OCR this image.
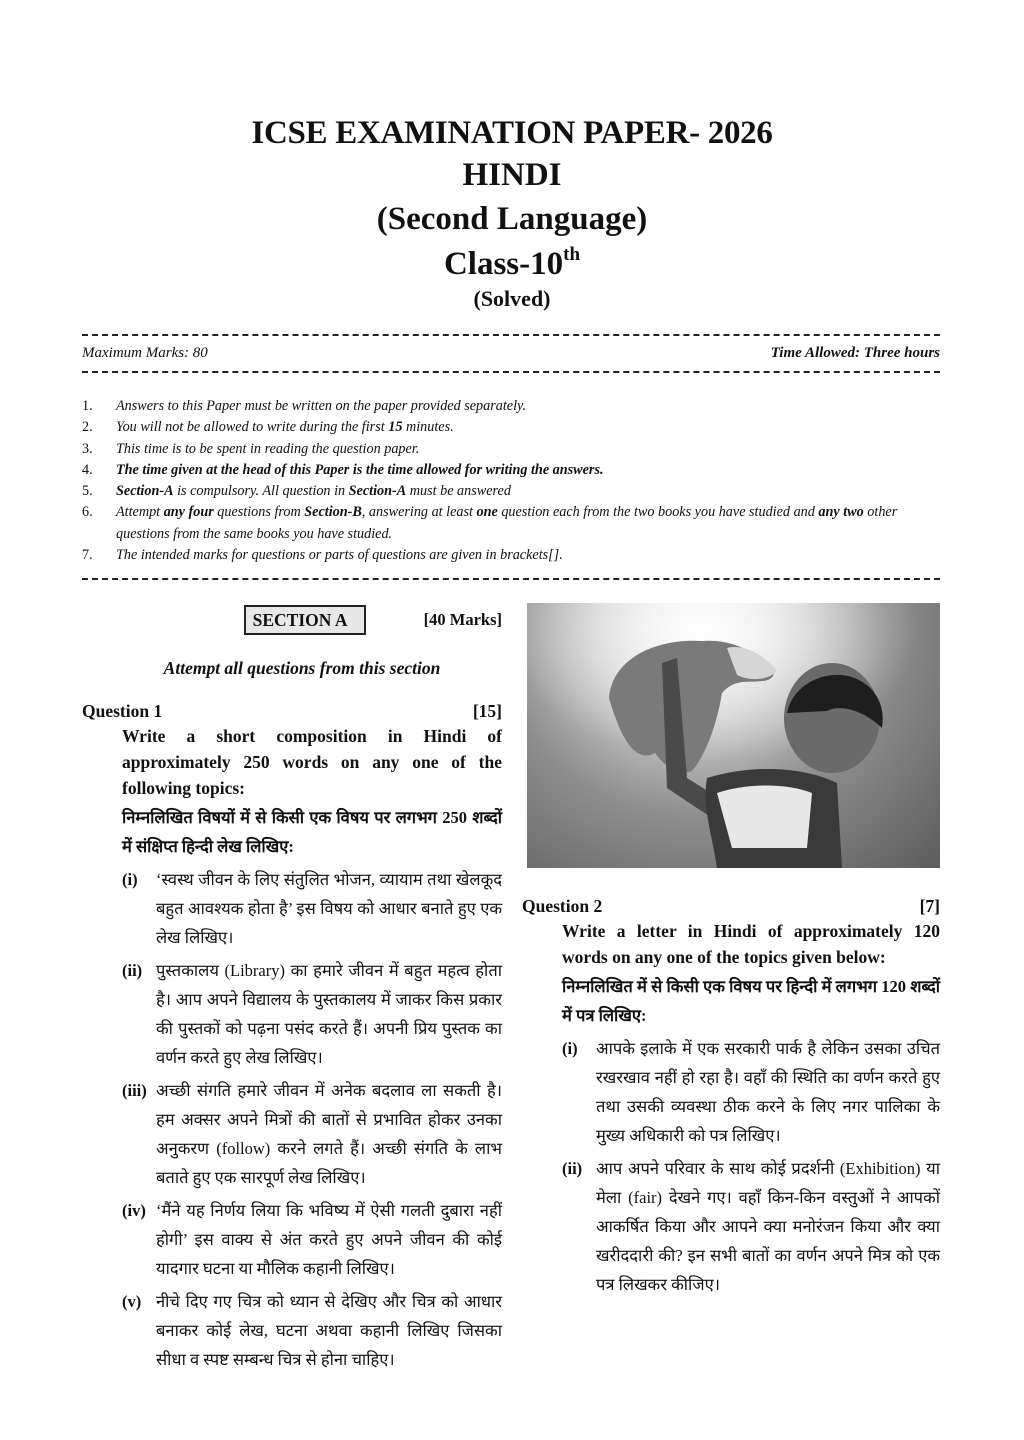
ICSE EXAMINATION PAPER- 2026
HINDI
(Second Language)
Class-10th
(Solved)
Maximum Marks: 80	Time Allowed: Three hours
1.	Answers to this Paper must be written on the paper provided separately.
2.	You will not be allowed to write during the first 15 minutes.
3.	This time is to be spent in reading the question paper.
4.	The time given at the head of this Paper is the time allowed for writing the answers.
5.	Section-A is compulsory. All question in Section-A must be answered
6.	Attempt any four questions from Section-B, answering at least one question each from the two books you have studied and any two other questions from the same books you have studied.
7.	The intended marks for questions or parts of questions are given in brackets[].
SECTION A	[40 Marks]
Attempt all questions from this section
Question 1	[15]
Write a short composition in Hindi of approximately 250 words on any one of the following topics:
निम्नलिखित विषयों में से किसी एक विषय पर लगभग 250 शब्दों में संक्षिप्त हिन्दी लेख लिखिए:
(i)	‘स्वस्थ जीवन के लिए संतुलित भोजन, व्यायाम तथा खेलकूद बहुत आवश्यक होता है’ इस विषय को आधार बनाते हुए एक लेख लिखिए।
(ii) पुस्तकालय (Library) का हमारे जीवन में बहुत महत्व होता है। आप अपने विद्यालय के पुस्तकालय में जाकर किस प्रकार की पुस्तकों को पढ़ना पसंद करते हैं। अपनी प्रिय पुस्तक का वर्णन करते हुए लेख लिखिए।
(iii) अच्छी संगति हमारे जीवन में अनेक बदलाव ला सकती है। हम अक्सर अपने मित्रों की बातों से प्रभावित होकर उनका अनुकरण (follow) करने लगते हैं। अच्छी संगति के लाभ बताते हुए एक सारपूर्ण लेख लिखिए।
(iv) ‘मैंने यह निर्णय लिया कि भविष्य में ऐसी गलती दुबारा नहीं होगी’ इस वाक्य से अंत करते हुए अपने जीवन की कोई यादगार घटना या मौलिक कहानी लिखिए।
(v) नीचे दिए गए चित्र को ध्यान से देखिए और चित्र को आधार बनाकर कोई लेख, घटना अथवा कहानी लिखिए जिसका सीधा व स्पष्ट सम्बन्ध चित्र से होना चाहिए।
Question 2	[7]
Write a letter in Hindi of approximately 120 words on any one of the topics given below:
निम्नलिखित में से किसी एक विषय पर हिन्दी में लगभग 120 शब्दों में पत्र लिखिए:
(i)	आपके इलाके में एक सरकारी पार्क है लेकिन उसका उचित रखरखाव नहीं हो रहा है। वहाँ की स्थिति का वर्णन करते हुए तथा उसकी व्यवस्था ठीक करने के लिए नगर पालिका के मुख्य अधिकारी को पत्र लिखिए।
(ii) आप अपने परिवार के साथ कोई प्रदर्शनी (Exhibition) या मेला (fair) देखने गए। वहाँ किन-किन वस्तुओं ने आपकों आकर्षित किया और आपने क्या मनोरंजन किया और क्या खरीददारी की? इन सभी बातों का वर्णन अपने मित्र को एक पत्र लिखकर कीजिए।
